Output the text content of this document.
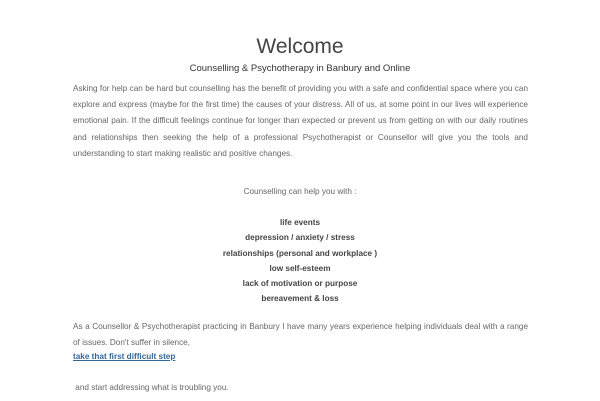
Welcome
Counselling & Psychotherapy in Banbury and Online

Asking for help can be hard but counselling has the benefit of providing you with a safe and confidential space where you can explore and express (maybe for the first time) the causes of your distress. All of us, at some point in our lives will experience emotional pain. If the difficult feelings continue for longer than expected or prevent us from getting on with our daily routines and relationships then seeking the help of a professional Psychotherapist or Counsellor will give you the tools and understanding to start making realistic and positive changes.

Counselling can help you with :
life events
depression / anxiety / stress
relationships (personal and workplace )
low self-esteem
lack of motivation or purpose
bereavement & loss

As a Counsellor & Psychotherapist practicing in Banbury I have many years experience helping individuals deal with a range of issues. Don't suffer in silence,

take that first difficult step
and start addressing what is troubling you.
